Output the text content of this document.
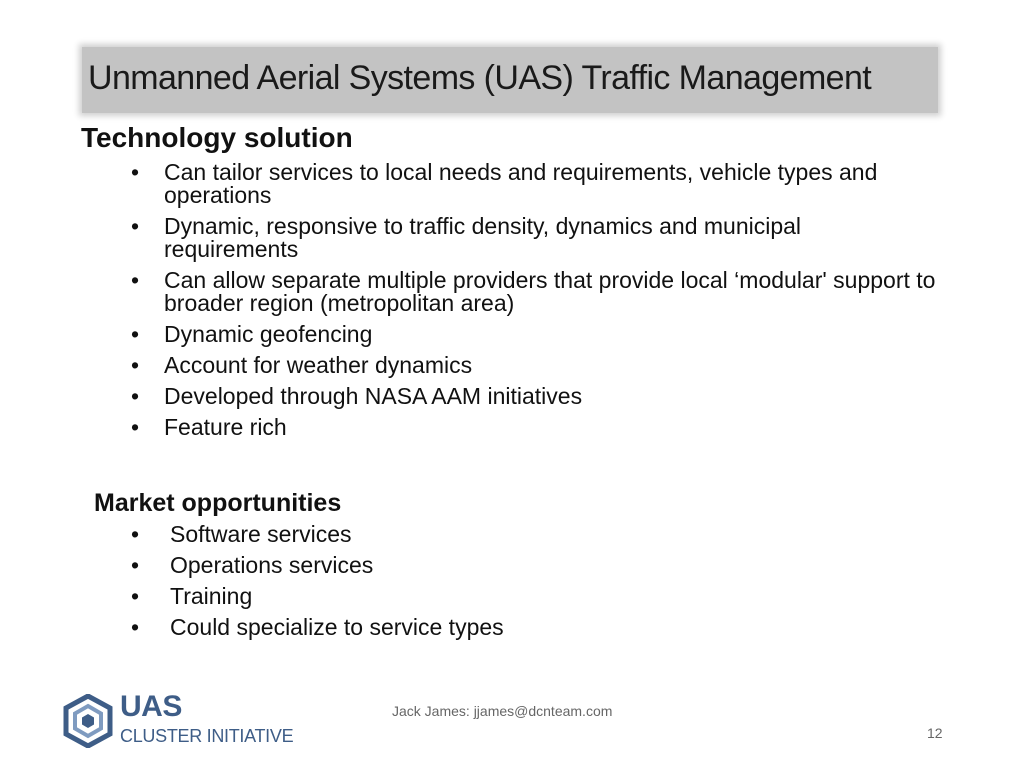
Unmanned Aerial Systems (UAS) Traffic Management
Technology solution
• Can tailor services to local needs and requirements, vehicle types and operations
• Dynamic, responsive to traffic density, dynamics and municipal requirements
• Can allow separate multiple providers that provide local ‘modular' support to broader region (metropolitan area)
• Dynamic geofencing
• Account for weather dynamics
• Developed through NASA AAM initiatives
• Feature rich
Market opportunities
• Software services
• Operations services
• Training
• Could specialize to service types
UAS
CLUSTER INITIATIVE
Jack James: jjames@dcnteam.com
12
